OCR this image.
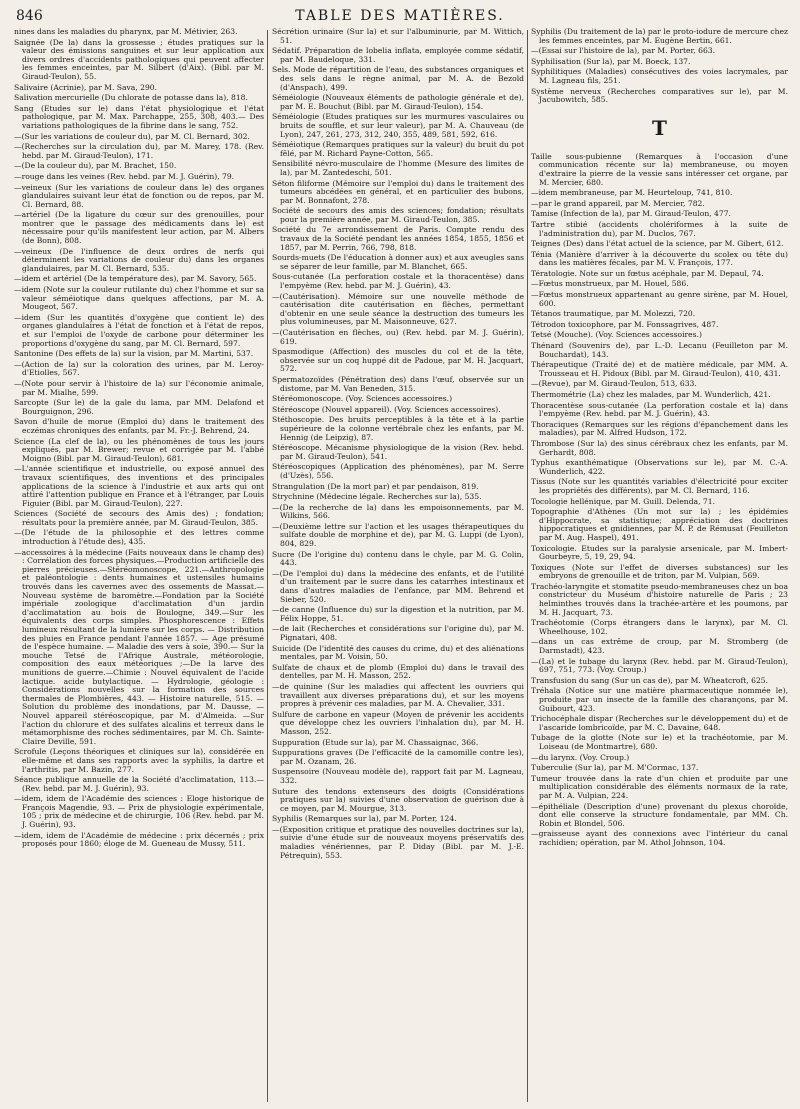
846	TABLE DES MATIÈRES.

nines dans les maladies du pharynx, par M. Métivier, 263.

Saignée (De la) dans la grossesse ; études pratiques sur la valeur des émissions sanguines et sur leur application aux divers ordres d'accidents pathologiques qui peuvent affecter les femmes enceintes, par M. Silbert (d'Aix). (Bibl. par M. Giraud-Teulon), 55.

Salivaire (Acrinie), par M. Sava, 290.

Salivation mercurielle (Du chlorate de potasse dans la), 818.

Sang (Etudes sur le) dans l'état physiologique et l'état pathologique, par M. Max. Parchappe, 255, 308, 403.— Des variations pathologiques de la fibrine dans le sang, 752.

—(Sur les variations de couleur du), par M. Cl. Bernard, 302.

—(Recherches sur la circulation du), par M. Marey, 178. (Rev. hebd. par M. Giraud-Teulon), 171.

—(De la couleur du), par M. Brachet, 150.

—rouge dans les veines (Rev. hebd. par M. J. Guérin), 79.

—veineux (Sur les variations de couleur dans le) des organes glandulaires suivant leur état de fonction ou de repos, par M. Cl. Bernard, 88.

—artériel (De la ligature du cœur sur des grenouilles, pour montrer que le passage des médicaments dans le) est nécessaire pour qu'ils manifestent leur action, par M. Albers (de Bonn), 808.

—veineux (De l'influence de deux ordres de nerfs qui déterminent les variations de couleur du) dans les organes glandulaires, par M. Cl. Bernard, 535.

—idem et artériel (De la température des), par M. Savory, 565.

—idem (Note sur la couleur rutilante du) chez l'homme et sur sa valeur séméiotique dans quelques affections, par M. A. Mougeot, 567.

—idem (Sur les quantités d'oxygène que contient le) des organes glandulaires à l'état de fonction et à l'état de repos, et sur l'emploi de l'oxyde de carbone pour déterminer les proportions d'oxygène du sang, par M. Cl. Bernard, 597.

Santonine (Des effets de la) sur la vision, par M. Martini, 537.

—(Action de la) sur la coloration des urines, par M. Leroy-d'Etiolles, 567.

—(Note pour servir à l'histoire de la) sur l'économie animale, par M. Mialhe, 599.

Sarcopte (Sur le) de la gale du lama, par MM. Delafond et Bourguignon, 296.

Savon d'huile de morue (Emploi du) dans le traitement des eczémas chroniques des enfants, par M. Fr.-J. Behrend, 24.

Science (La clef de la), ou les phénomènes de tous les jours expliqués, par M. Brewer; revue et corrigée par M. l'abbé Moigno (Bibl. par M. Giraud-Teulon), 681.

—L'année scientifique et industrielle, ou exposé annuel des travaux scientifiques, des inventions et des principales applications de la science à l'industrie et aux arts qui ont attiré l'attention publique en France et à l'étranger, par Louis Figuier (Bibl. par M. Giraud-Teulon), 227.

Sciences (Société de secours des Amis des) ; fondation; résultats pour la première année, par M. Giraud-Teulon, 385.

—(De l'étude de la philosophie et des lettres comme introduction à l'étude des), 435.

—accessoires à la médecine (Faits nouveaux dans le champ des) : Corrélation des forces physiques.—Production artificielle des pierres précieuses.—Stéréomonoscope, 221.—Anthropologie et paléontologie : dents humaines et ustensiles humains trouvés dans les cavernes avec des ossements de Massat.—Nouveau système de baromètre.—Fondation par la Société impériale zoologique d'acclimatation d'un jardin d'acclimatation au bois de Boulogne, 349.—Sur les équivalents des corps simples. Phosphorescence : Effets lumineux résultant de la lumière sur les corps. — Distribution des pluies en France pendant l'année 1857. — Age présumé de l'espèce humaine. — Maladie des vers à soie, 390.— Sur la mouche Tetsé de l'Afrique Australe, météorologie, composition des eaux météoriques ;—De la larve des munitions de guerre.—Chimie : Nouvel équivalent de l'acide lactique. acide butylactique. — Hydrologie, géologie : Considérations nouvelles sur la formation des sources thermales de Plombières, 443. — Histoire naturelle, 515. —Solution du problème des inondations, par M. Dausse, —Nouvel appareil stéréoscopique, par M. d'Almeida. —Sur l'action du chlorure et des sulfates alcalins et terreux dans le métamorphisme des roches sédimentaires, par M. Ch. Sainte-Claire Deville, 591.

Scrofule (Leçons théoriques et cliniques sur la), considérée en elle-même et dans ses rapports avec la syphilis, la dartre et l'arthritis, par M. Bazin, 277.

Séance publique annuelle de la Société d'acclimatation, 113.—(Rev. hebd. par M. J. Guérin), 93.

—idem, idem de l'Académie des sciences : Eloge historique de François Magendie, 93. — Prix de physiologie expérimentale, 105 ; prix de médecine et de chirurgie, 106 (Rev. hebd. par M. J. Guérin), 93.

—idem, idem de l'Académie de médecine : prix décernés ; prix proposés pour 1860; éloge de M. Gueneau de Mussy, 511.

Sécrétion urinaire (Sur la) et sur l'albuminurie, par M. Wittich, 51.

Sédatif. Préparation de lobelia inflata, employée comme sédatif, par M. Baudeloque, 331.

Sels. Mode de répartition de l'eau, des substances organiques et des sels dans le règne animal, par M. A. de Bezold (d'Anspach), 499.

Séméiologie (Nouveaux éléments de pathologie générale et de), par M. E. Bouchut (Bibl. par M. Giraud-Teulon), 154.

Séméiologie (Etudes pratiques sur les murmures vasculaires ou bruits de souffle, et sur leur valeur), par M. A. Chauveau (de Lyon), 247, 261, 273, 312, 240, 355, 489, 581, 592, 616.

Séméiotique (Remarques pratiques sur la valeur) du bruit du pot fêlé, par M. Richard Payne-Cotton, 565.

Sensibilité névro-musculaire de l'homme (Mesure des limites de la), par M. Zantedeschi, 501.

Séton filiforme (Mémoire sur l'emploi du) dans le traitement des tumeurs abcédées en général, et en particulier des bubons, par M. Bonnafont, 278.

Société de secours des amis des sciences; fondation; résultats pour la première année, par M. Giraud-Teulon, 385.

Société du 7e arrondissement de Paris. Compte rendu des travaux de la Société pendant les années 1854, 1855, 1856 et 1857, par M. Perrin, 766, 798, 818.

Sourds-muets (De l'éducation à donner aux) et aux aveugles sans se séparer de leur famille, par M. Blanchet, 665.

Sous-cutanée (La perforation costale et la thoracentèse) dans l'empyème (Rev. hebd. par M. J. Guérin), 43.

—(Cautérisation). Mémoire sur une nouvelle méthode de cautérisation dite cautérisation en flèches, permettant d'obtenir en une seule séance la destruction des tumeurs les plus volumineuses, par M. Maisonneuve, 627.

—(Cautérisation en flèches, ou) (Rev. hebd. par M. J. Guérin), 619.

Spasmodique (Affection) des muscles du col et de la tête, observée sur un coq huppé dit de Padoue, par M. H. Jacquart, 572.

Spermatozoïdes (Pénétration des) dans l'œuf, observée sur un distome, par M. Van Beneden, 315.

Stéréomonoscope. (Voy. Sciences accessoires.)

Stéréoscope (Nouvel appareil). (Voy. Sciences accessoires).

Stéthoscopie. Des bruits perceptibles à la tête et à la partie supérieure de la colonne vertébrale chez les enfants, par M. Hennig (de Leipzig), 87.

Stéréoscope. Mécanisme physiologique de la vision (Rev. hebd. par M. Giraud-Teulon), 541.

Stéréoscopiques (Application des phénomènes), par M. Serre (d'Uzès), 556.

Strangulation (De la mort par) et par pendaison, 819.

Strychnine (Médecine légale. Recherches sur la), 535.

—(De la recherche de la) dans les empoisonnements, par M. Wilkins, 566.

—(Deuxième lettre sur l'action et les usages thérapeutiques du sulfate double de morphine et de), par M. G. Luppi (de Lyon), 804, 829.

Sucre (De l'origine du) contenu dans le chyle, par M. G. Colin, 443.

—(De l'emploi du) dans la médecine des enfants, et de l'utilité d'un traitement par le sucre dans les catarrhes intestinaux et dans d'autres maladies de l'enfance, par MM. Behrend et Sieber, 520.

—de canne (Influence du) sur la digestion et la nutrition, par M. Félix Hoppe, 51.

—de lait (Recherches et considérations sur l'origine du), par M. Pignatari, 408.

Suicide (De l'identité des causes du crime, du) et des aliénations mentales, par M. Voisin, 50.

Sulfate de chaux et de plomb (Emploi du) dans le travail des dentelles, par M. H. Masson, 252.

—de quinine (Sur les maladies qui affectent les ouvriers qui travaillent aux diverses préparations du), et sur les moyens propres à prévenir ces maladies, par M. A. Chevalier, 331.

Sulfure de carbone en vapeur (Moyen de prévenir les accidents que développe chez les ouvriers l'inhalation du), par M. H. Masson, 252.

Suppuration (Etude sur la), par M. Chassaignac, 366.

Suppurations graves (De l'efficacité de la camomille contre les), par M. Ozanam, 26.

Suspensoire (Nouveau modèle de), rapport fait par M. Lagneau, 332.

Suture des tendons extenseurs des doigts (Considérations pratiques sur la) suivies d'une observation de guérison due à ce moyen, par M. Mourgue, 313.

Syphilis (Remarques sur la), par M. Porter, 124.

—(Exposition critique et pratique des nouvelles doctrines sur la), suivie d'une étude sur de nouveaux moyens préservatifs des maladies vénériennes, par P. Diday (Bibl. par M. J.-E. Pétrequin), 553.

Syphilis (Du traitement de la) par le proto-iodure de mercure chez les femmes enceintes, par M. Eugène Bertin, 661.

—(Essai sur l'histoire de la), par M. Porter, 663.

Syphilisation (Sur la), par M. Boeck, 137.

Syphilitiques (Maladies) consécutives des voies lacrymales, par M. Lagneau fils, 251.

Système nerveux (Recherches comparatives sur le), par M. Jacubowitch, 585.

T

Taille sous-pubienne (Remarques à l'occasion d'une communication récente sur la) membraneuse, ou moyen d'extraire la pierre de la vessie sans intéresser cet organe, par M. Mercier, 680.

—idem membraneuse, par M. Heurteloup, 741, 810.

—par le grand appareil, par M. Mercier, 782.

Tamise (Infection de la), par M. Giraud-Teulon, 477.

Tartre stibié (accidents cholériformes à la suite de l'administration du), par M. Duclos, 767.

Teignes (Des) dans l'état actuel de la science, par M. Gibert, 612.

Ténia (Manière d'arriver à la découverte du scolex ou tête du) dans les matières fécales, par M. V. François, 177.

Tératologie. Note sur un fœtus acéphale, par M. Depaul, 74.

—Fœtus monstrueux, par M. Houel, 586.

—Fœtus monstrueux appartenant au genre sirène, par M. Houel, 600.

Tétanos traumatique, par M. Molezzi, 720.

Tétrodon toxicophore, par M. Fonssagrives, 487.

Tetsé (Mouche). (Voy. Sciences accessoires.)

Thénard (Souvenirs de), par L.-D. Lecanu (Feuilleton par M. Bouchardat), 143.

Thérapeutique (Traité de) et de matière médicale, par MM. A. Trousseau et H. Pidoux (Bibl. par M. Giraud-Teulon), 410, 431.

—(Revue), par M. Giraud-Teulon, 513, 633.

Thermométrie (La) chez les malades, par M. Wunderlich, 421.

Thoracentèse sous-cutanée (La perforation costale et la) dans l'empyème (Rev. hebd. par M. J. Guérin), 43.

Thoraciques (Remarques sur les régions d'épanchement dans les maladies), par M. Alfred Hudson, 172.

Thrombose (Sur la) des sinus cérébraux chez les enfants, par M. Gerhardt, 808.

Typhus exanthématique (Observations sur le), par M. C.-A. Wunderlich, 422.

Tissus (Note sur les quantités variables d'électricité pour exciter les propriétés des différents), par M. Cl. Bernard, 116.

Tocologie hellénique, par M. Guill. Delenda, 71.

Topographie d'Athènes (Un mot sur la) ; les épidémies d'Hippocrate, sa statistique; appréciation des doctrines hippocratiques et gnidiennes, par M. P. de Rémusat (Feuilleton par M. Aug. Haspel), 491.

Toxicologie. Etudes sur la paralysie arsenicale, par M. Imbert-Gourbeyre, 5, 19, 29, 94.

Toxiques (Note sur l'effet de diverses substances) sur les embryons de grenouille et de triton, par M. Vulpian, 569.

Trachéo-laryngite et stomatite pseudo-membraneuses chez un boa constricteur du Muséum d'histoire naturelle de Paris ; 23 helminthes trouvés dans la trachée-artère et les poumons, par M. H. Jacquart, 73.

Trachéotomie (Corps étrangers dans le larynx), par M. Cl. Wheelhouse, 102.

—dans un cas extrême de croup, par M. Stromberg (de Darmstadt), 423.

—(La) et le tubage du larynx (Rev. hebd. par M. Giraud-Teulon), 697, 751, 773. (Voy. Croup.)

Transfusion du sang (Sur un cas de), par M. Wheatcroft, 625.

Tréhala (Notice sur une matière pharmaceutique nommée le), produite par un insecte de la famille des charançons, par M. Guibourt, 423.

Trichocéphale dispar (Recherches sur le développement du) et de l'ascaride lombricoïde, par M. C. Davaine, 648.

Tubage de la glotte (Note sur le) et la trachéotomie, par M. Loiseau (de Montmartre), 680.

—du larynx. (Voy. Croup.)

Tuberculie (Sur la), par M. M'Cormac, 137.

Tumeur trouvée dans la rate d'un chien et produite par une multiplication considérable des éléments normaux de la rate, par M. A. Vulpian, 224.

—épithéliale (Description d'une) provenant du plexus choroïde, dont elle conserve la structure fondamentale, par MM. Ch. Robin et Blondel, 506.

—graisseuse ayant des connexions avec l'intérieur du canal rachidien; opération, par M. Athol Johnson, 104.
